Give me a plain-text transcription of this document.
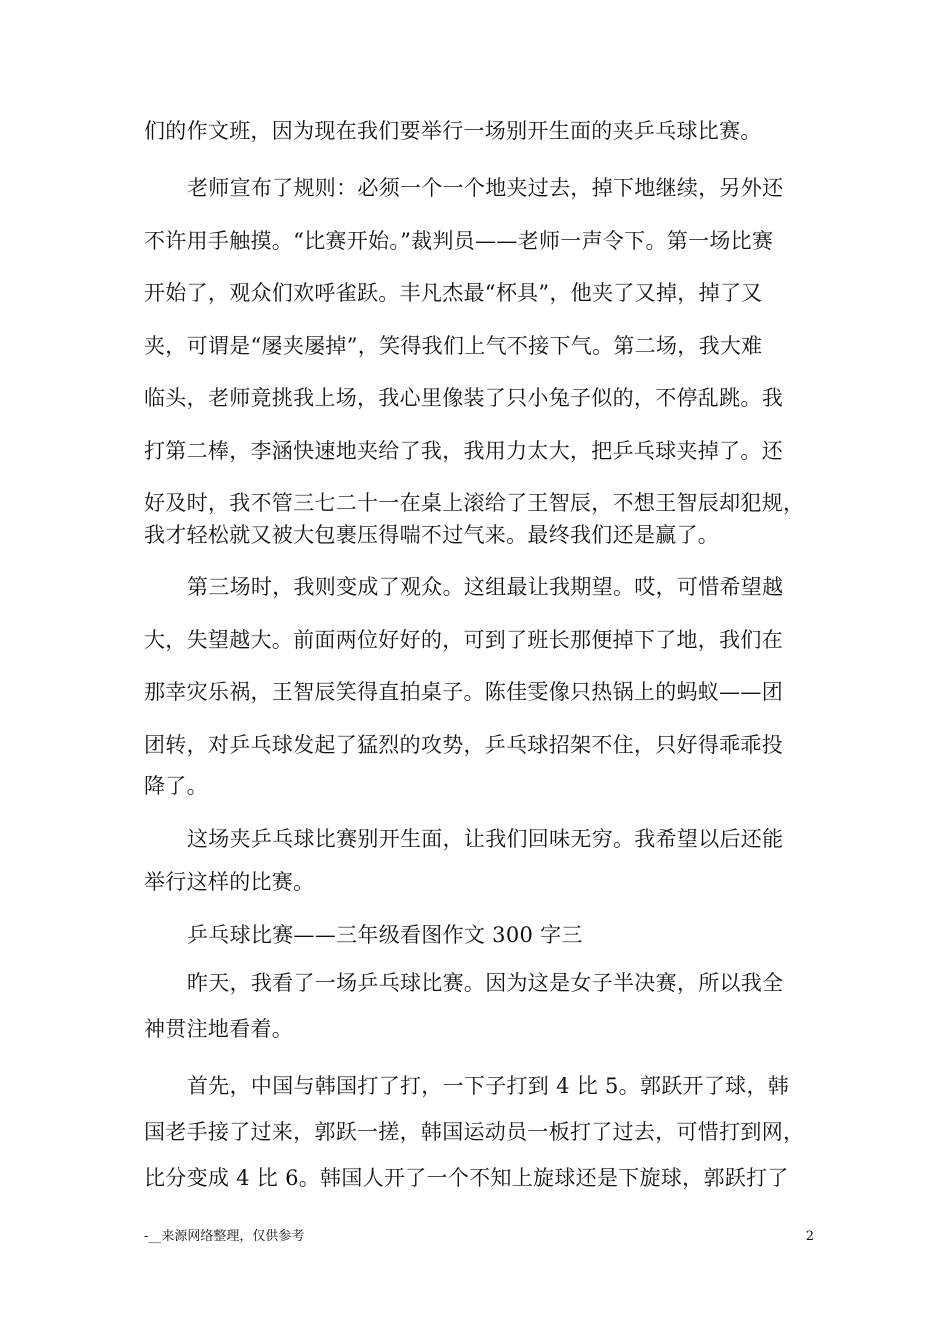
们的作文班，因为现在我们要举行一场别开生面的夹乒乓球比赛。
老师宣布了规则：必须一个一个地夹过去，掉下地继续，另外还
不许用手触摸。“比赛开始。”裁判员——老师一声令下。第一场比赛
开始了，观众们欢呼雀跃。丰凡杰最“杯具”，他夹了又掉，掉了又
夹，可谓是“屡夹屡掉”，笑得我们上气不接下气。第二场，我大难
临头，老师竟挑我上场，我心里像装了只小兔子似的，不停乱跳。我
打第二棒，李涵快速地夹给了我，我用力太大，把乒乓球夹掉了。还
好及时，我不管三七二十一在桌上滚给了王智辰，不想王智辰却犯规，
我才轻松就又被大包裹压得喘不过气来。最终我们还是赢了。
第三场时，我则变成了观众。这组最让我期望。哎，可惜希望越
大，失望越大。前面两位好好的，可到了班长那便掉下了地，我们在
那幸灾乐祸，王智辰笑得直拍桌子。陈佳雯像只热锅上的蚂蚁——团
团转，对乒乓球发起了猛烈的攻势，乒乓球招架不住，只好得乖乖投
降了。
这场夹乒乓球比赛别开生面，让我们回味无穷。我希望以后还能
举行这样的比赛。
乒乓球比赛——三年级看图作文 300 字三
昨天，我看了一场乒乓球比赛。因为这是女子半决赛，所以我全
神贯注地看着。
首先，中国与韩国打了打，一下子打到 4 比 5。郭跃开了球，韩
国老手接了过来，郭跃一搓，韩国运动员一板打了过去，可惜打到网，
比分变成 4 比 6。韩国人开了一个不知上旋球还是下旋球，郭跃打了
-__来源网络整理，仅供参考	2
